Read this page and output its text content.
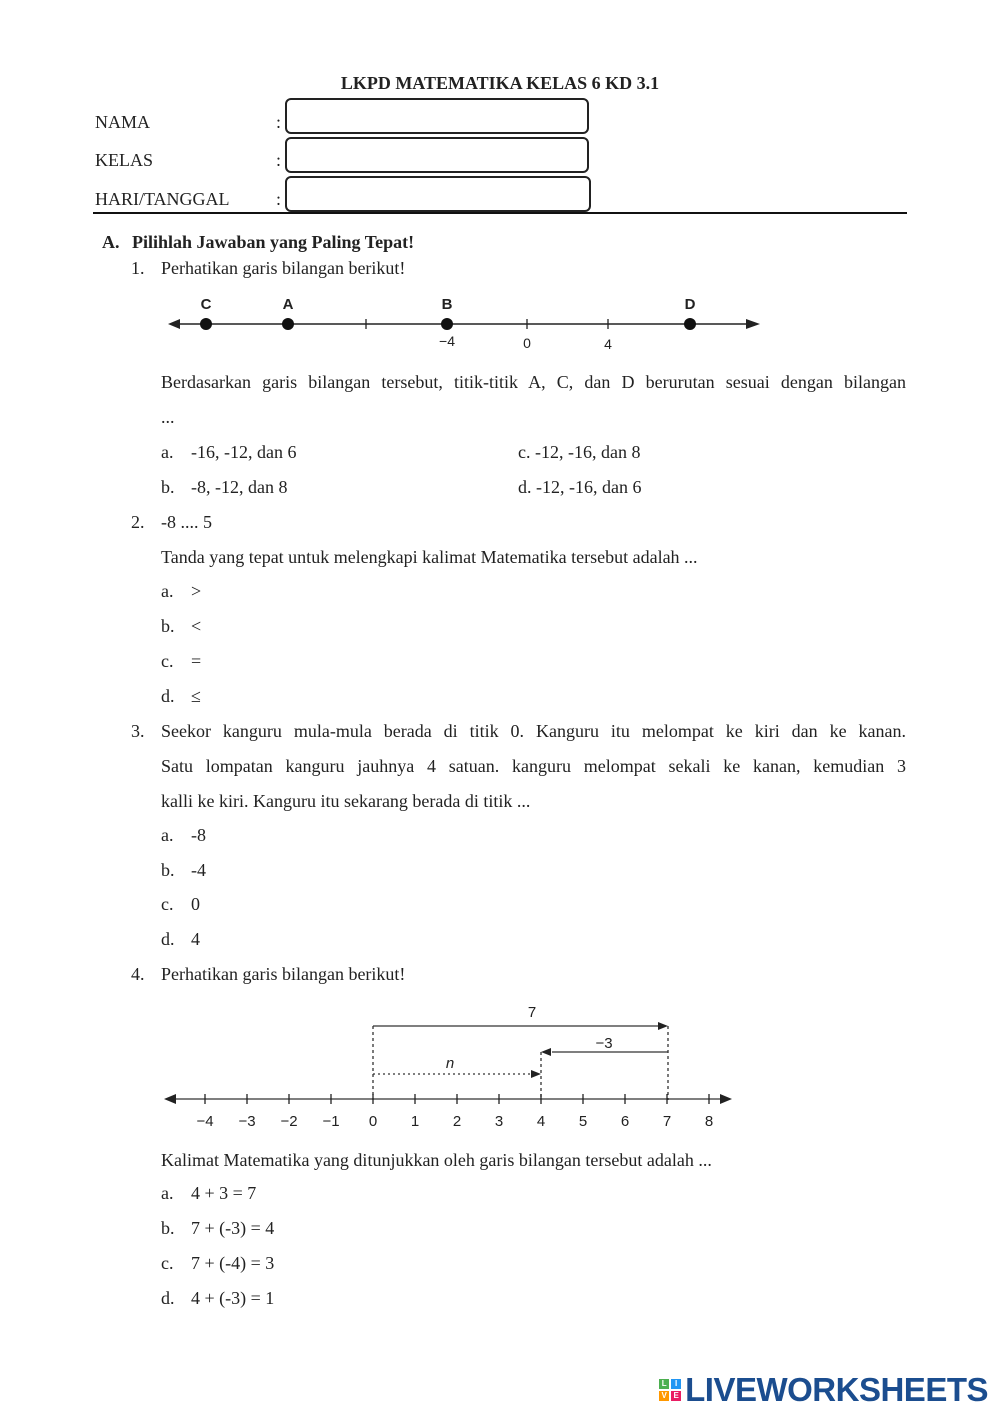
LKPD MATEMATIKA KELAS 6 KD 3.1
NAMA	:
KELAS	:
HARI/TANGGAL	:
A. Pilihlah Jawaban yang Paling Tepat!
1. Perhatikan garis bilangan berikut!
C	A	B	D
−4	0	4
Berdasarkan garis bilangan tersebut, titik-titik A, C, dan D berurutan sesuai dengan bilangan
...
a. -16, -12, dan 6	c. -12, -16, dan 8
b. -8, -12, dan 8	d. -12, -16, dan 6
2. -8 .... 5
Tanda yang tepat untuk melengkapi kalimat Matematika tersebut adalah ...
a. >
b. <
c. =
d. ≤
3. Seekor kanguru mula-mula berada di titik 0. Kanguru itu melompat ke kiri dan ke kanan.
Satu lompatan kanguru jauhnya 4 satuan. kanguru melompat sekali ke kanan, kemudian 3
kalli ke kiri. Kanguru itu sekarang berada di titik ...
a. -8
b. -4
c. 0
d. 4
4. Perhatikan garis bilangan berikut!
7
−3
n
−4 −3 −2 −1 0 1 2 3 4 5 6 7 8
Kalimat Matematika yang ditunjukkan oleh garis bilangan tersebut adalah ...
a. 4 + 3 = 7
b. 7 + (-3) = 4
c. 7 + (-4) = 3
d. 4 + (-3) = 1
L	I
V E LIVEWORKSHEETS
